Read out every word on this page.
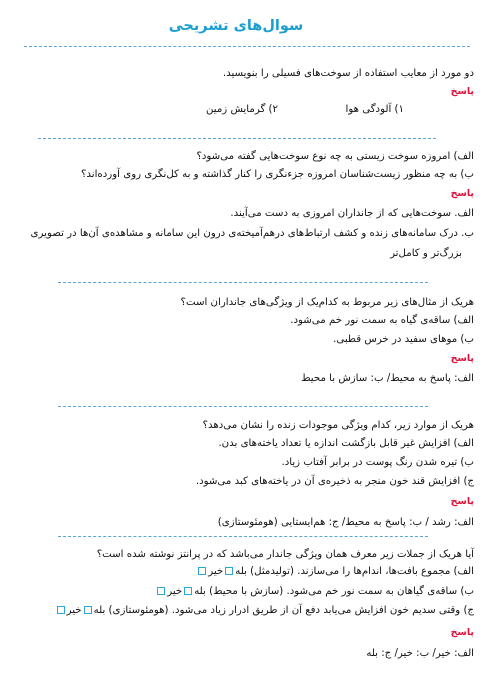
سوال‌های تشریحی
دو مورد از معایب استفاده از سوخت‌های فسیلی را بنویسید.
پاسخ
۱) آلودگی هوا
۲) گرمایش زمین
الف) امروزه سوخت زیستی به چه نوع سوخت‌هایی گفته می‌شود؟
ب) به چه منظور زیست‌شناسان امروزه جزءنگری را کنار گذاشته و به کل‌نگری روی آورده‌اند؟
پاسخ
الف. سوخت‌هایی که از جانداران امروزی به دست می‌آیند.
ب. درک سامانه‌های زنده و کشف ارتباط‌های درهم‌آمیخته‌ی درون این سامانه و مشاهده‌ی آن‌ها در تصویری
بزرگ‌تر و کامل‌تر
هریک از مثال‌های زیر مربوط به کدام‌یک از ویژگی‌های جانداران است؟
الف) ساقه‌ی گیاه به سمت نور خم می‌شود.
ب) موهای سفید در خرس قطبی.
پاسخ
الف: پاسخ به محیط/ ب: سازش با محیط
هریک از موارد زیر، کدام ویژگی موجودات زنده را نشان می‌دهد؟
الف) افزایش غیر قابل بازگشت اندازه یا تعداد یاخته‌های بدن.
ب) تیره شدن رنگ پوست در برابر آفتاب زیاد.
ج) افزایش قند خون منجر به ذخیره‌ی آن در یاخته‌های کبد می‌شود.
پاسخ
الف: رشد / ب: پاسخ به محیط/ ج: هم‌ایستایی (هومئوستازی)
آیا هریک از جملات زیر معرف همان ویژگی جاندار می‌باشد که در پرانتز نوشته شده است؟
الف) مجموع بافت‌ها، اندام‌ها را می‌سازند. (تولیدمثل) بلهخیر
ب) ساقه‌ی گیاهان به سمت نور خم می‌شود. (سازش با محیط) بلهخیر
ج) وقتی سدیم خون افزایش می‌یابد دفع آن از طریق ادرار زیاد می‌شود. (هومئوستازی) بلهخیر
پاسخ
الف: خیر/ ب: خیر/ ج: بله
